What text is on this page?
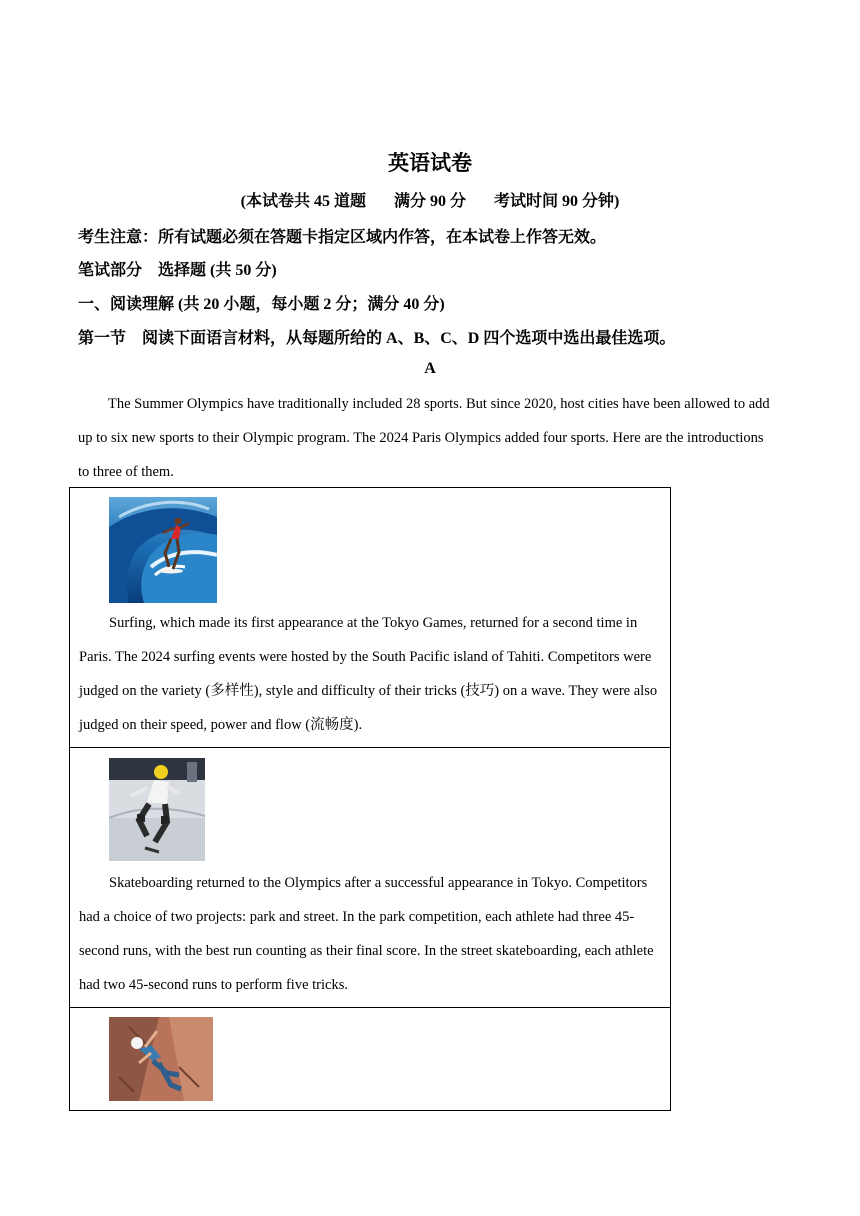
英语试卷
(本试卷共 45 道题 满分 90 分 考试时间 90 分钟)
考生注意：所有试题必须在答题卡指定区域内作答，在本试卷上作答无效。
笔试部分 选择题 (共 50 分)
一、阅读理解 (共 20 小题，每小题 2 分；满分 40 分)
第一节 阅读下面语言材料，从每题所给的 A、B、C、D 四个选项中选出最佳选项。
A

The Summer Olympics have traditionally included 28 sports. But since 2020, host cities have been allowed to add up to six new sports to their Olympic program. The 2024 Paris Olympics added four sports. Here are the introductions to three of them.

Surfing, which made its first appearance at the Tokyo Games, returned for a second time in Paris. The 2024 surfing events were hosted by the South Pacific island of Tahiti. Competitors were judged on the variety (多样性), style and difficulty of their tricks (技巧) on a wave. They were also judged on their speed, power and flow (流畅度).

Skateboarding returned to the Olympics after a successful appearance in Tokyo. Competitors had a choice of two projects: park and street. In the park competition, each athlete had three 45-second runs, with the best run counting as their final score. In the street skateboarding, each athlete had two 45-second runs to perform five tricks.
